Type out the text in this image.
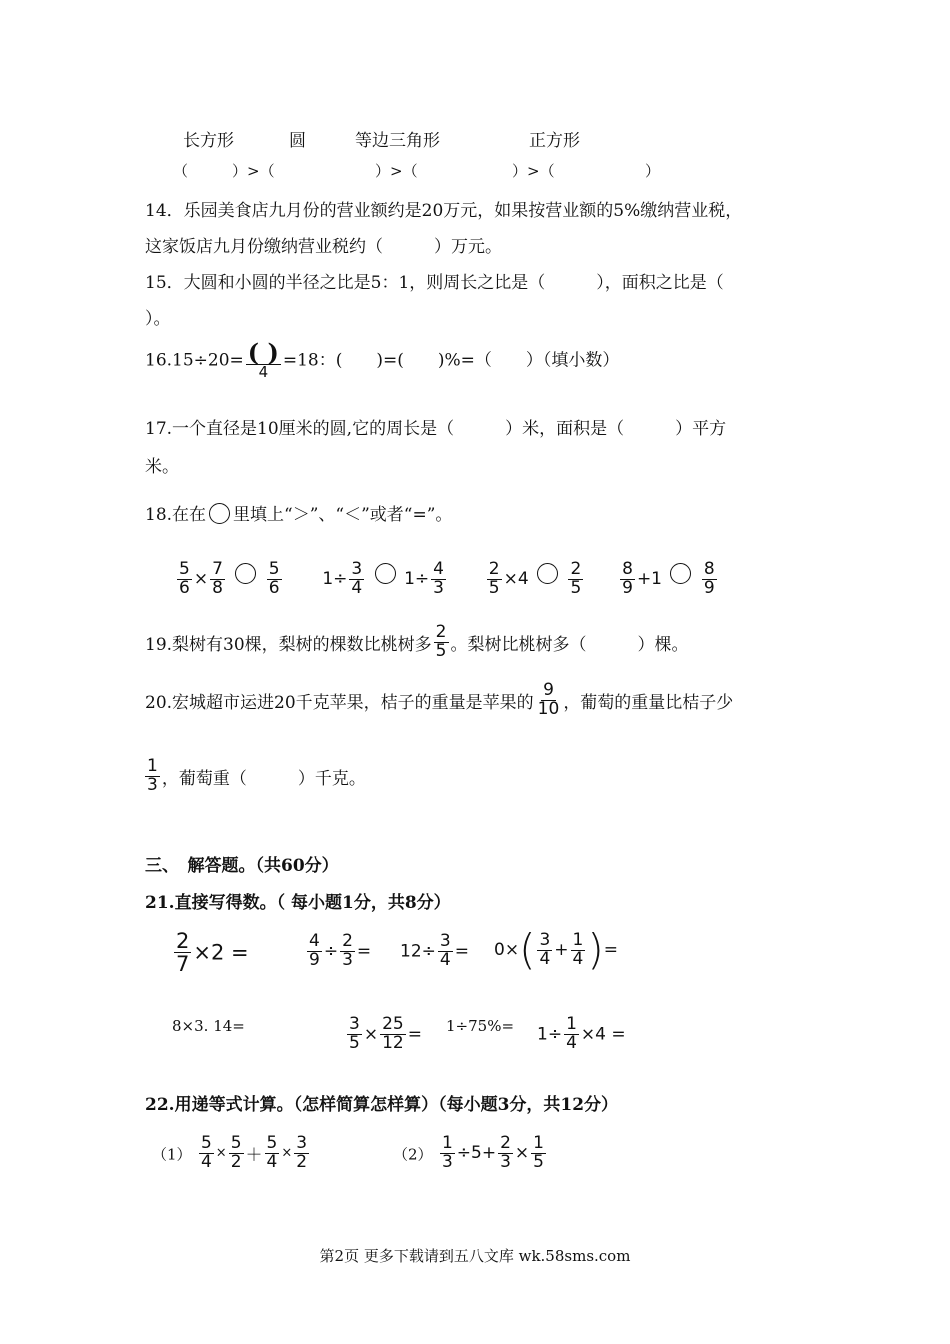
长方形	圆	等边三角形	正方形
（	）>（	）>（	）>（	）
14．乐园美食店九月份的营业额约是20万元，如果按营业额的5%缴纳营业税，
这家饭店九月份缴纳营业税约（　　　）万元。
15．大圆和小圆的半径之比是5：1，则周长之比是（　　　），面积之比是（
）。
$16.15\div 20= \frac{( )}{4} =18$：(　　)=(　　)%=（　　）（填小数）
17.一个直径是10厘米的圆,它的周长是（　　　）米，面积是（　　　）平方
米。
18.在在 里填上“＞”、“＜”或者“=”。
$\frac{5}{6} \times \frac{7}{8}$
$\frac{5}{6} 1\div \frac{3}{4} 1\div \frac{4}{3}$
$\frac{2}{5} \times 4 \frac{2}{5}$
$\frac{8}{9} +1 \frac{8}{9}$
19.梨树有30棵，梨树的棵数比桃树多 $\frac{2}{5}$ 。梨树比桃树多（　　　）棵。
20.宏城超市运进20千克苹果，桔子的重量是苹果的 $\frac{9}{10}$ ，葡萄的重量比桔子少
$\frac{1}{3}$ ，葡萄重（　　　）千克。
三、　解答题。（共60分）
21.直接写得数。（ 每小题1分，共8分）
$\frac{2}{7} \times 2$ =	$\frac{4}{9} \div \frac{2}{3} = 12\div \frac{3}{4} = 0\times( \frac{3}{4} + \frac{1}{4}$ )=
8×3. 14=	$\frac{3}{5} \times \frac{25}{12} = 1\div 75\%= 1\div \frac{1}{4} \times 4$ =
22.用递等式计算。（怎样简算怎样算）（每小题3分，共12分）
$(1) \frac{5}{4} \times \frac{5}{2} + \frac{5}{4} \times \frac{3}{2}$	$(2) \frac{1}{3} \div 5+ \frac{2}{3} \times \frac{1}{5}$
第2页 更多下载请到五八文库 wk.58sms.com
